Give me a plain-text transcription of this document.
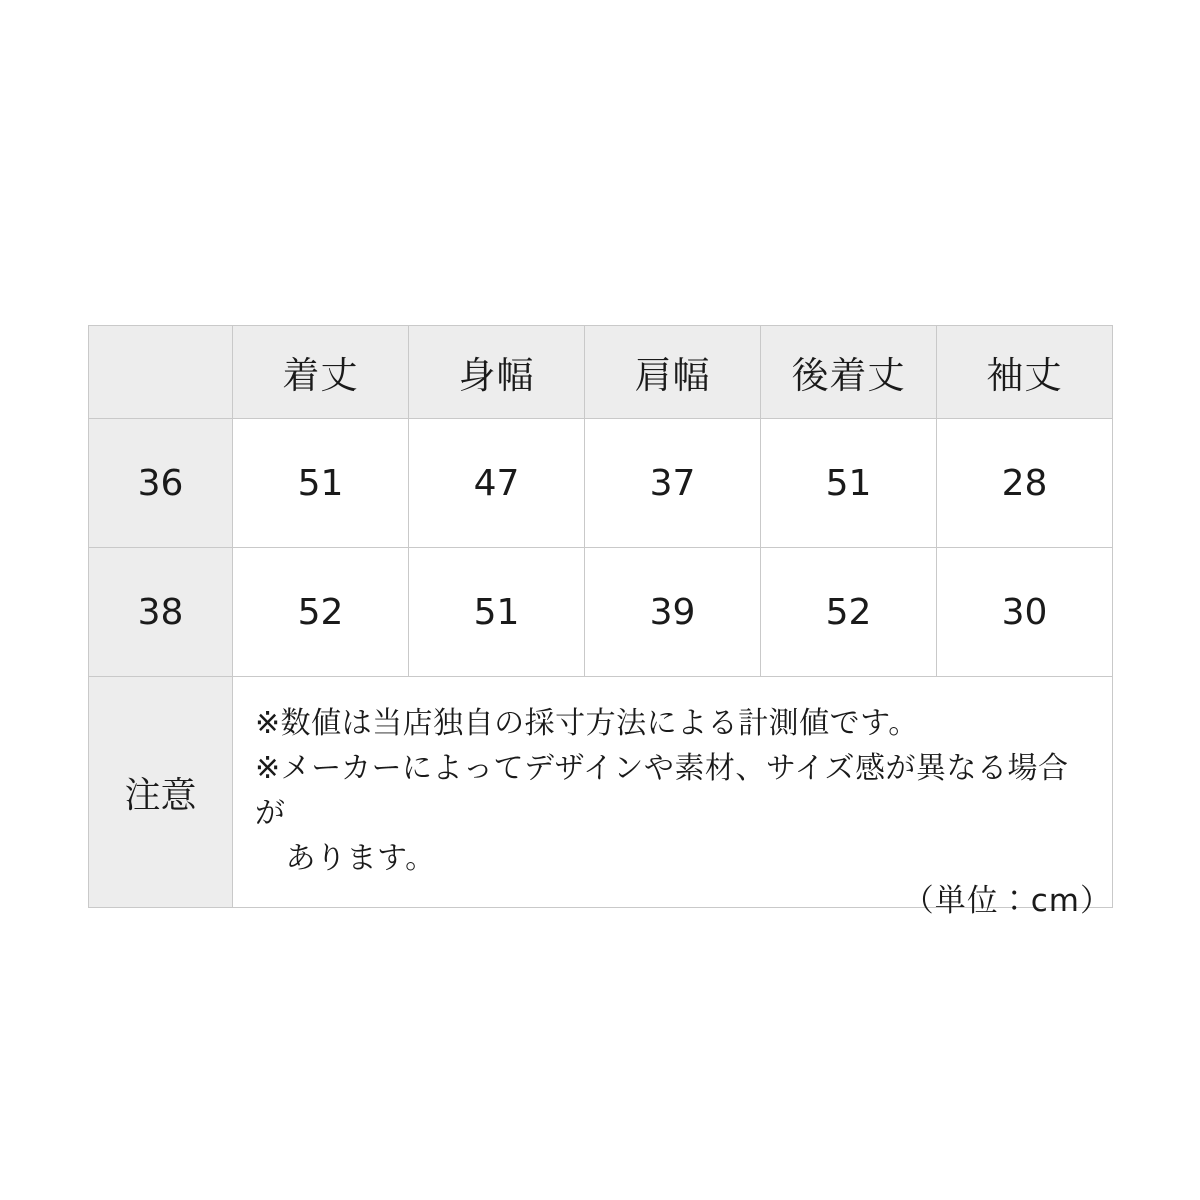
	着丈	身幅	肩幅	後着丈	袖丈
36	51	47	37	51	28
38	52	51	39	52	30
注意	※数値は当店独自の採寸方法による計測値です。
※メーカーによってデザインや素材、サイズ感が異なる場合が
　あります。				
（単位：cm）
